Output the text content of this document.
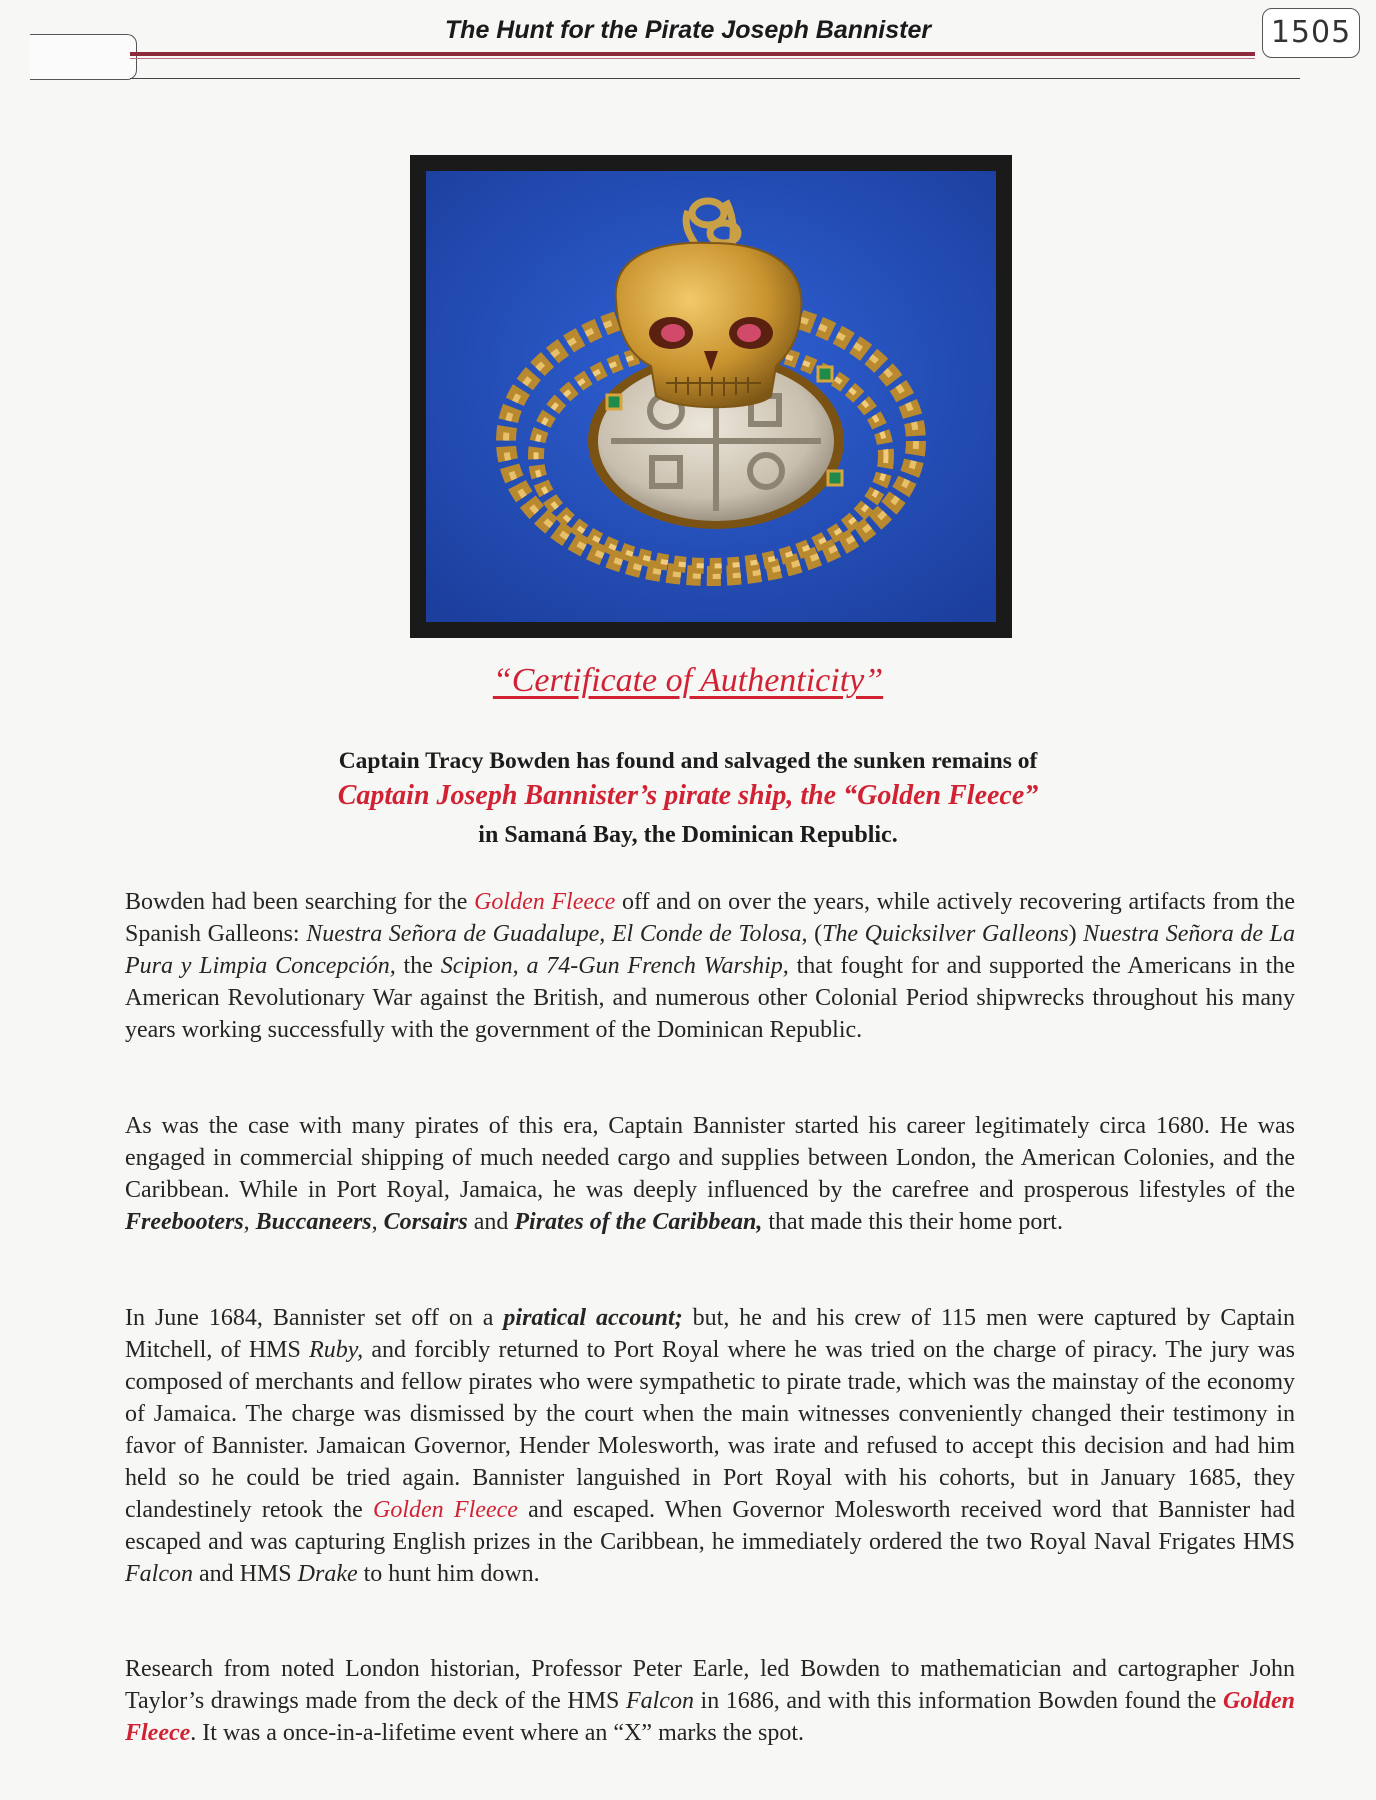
The Hunt for the Pirate Joseph Bannister	1505
“Certificate of Authenticity”
Captain Tracy Bowden has found and salvaged the sunken remains of
Captain Joseph Bannister’s pirate ship, the “Golden Fleece”
in Samaná Bay, the Dominican Republic.
Bowden had been searching for the Golden Fleece off and on over the years, while actively recovering artifacts from the Spanish Galleons: Nuestra Señora de Guadalupe, El Conde de Tolosa, (The Quicksilver Galleons) Nuestra Señora de La Pura y Limpia Concepción, the Scipion, a 74-Gun French Warship, that fought for and supported the Americans in the American Revolutionary War against the British, and numerous other Colonial Period shipwrecks throughout his many years working successfully with the government of the Dominican Republic.
As was the case with many pirates of this era, Captain Bannister started his career legitimately circa 1680. He was engaged in commercial shipping of much needed cargo and supplies between London, the American Colonies, and the Caribbean. While in Port Royal, Jamaica, he was deeply influenced by the carefree and prosperous lifestyles of the Freebooters, Buccaneers, Corsairs and Pirates of the Caribbean, that made this their home port.
In June 1684, Bannister set off on a piratical account; but, he and his crew of 115 men were captured by Captain Mitchell, of HMS Ruby, and forcibly returned to Port Royal where he was tried on the charge of piracy. The jury was composed of merchants and fellow pirates who were sympathetic to pirate trade, which was the mainstay of the economy of Jamaica. The charge was dismissed by the court when the main witnesses conveniently changed their testimony in favor of Bannister. Jamaican Governor, Hender Molesworth, was irate and refused to accept this decision and had him held so he could be tried again. Bannister languished in Port Royal with his cohorts, but in January 1685, they clandestinely retook the Golden Fleece and escaped. When Governor Molesworth received word that Bannister had escaped and was capturing English prizes in the Caribbean, he immediately ordered the two Royal Naval Frigates HMS Falcon and HMS Drake to hunt him down.
Research from noted London historian, Professor Peter Earle, led Bowden to mathematician and cartographer John Taylor’s drawings made from the deck of the HMS Falcon in 1686, and with this information Bowden found the Golden Fleece. It was a once-in-a-lifetime event where an “X” marks the spot.
